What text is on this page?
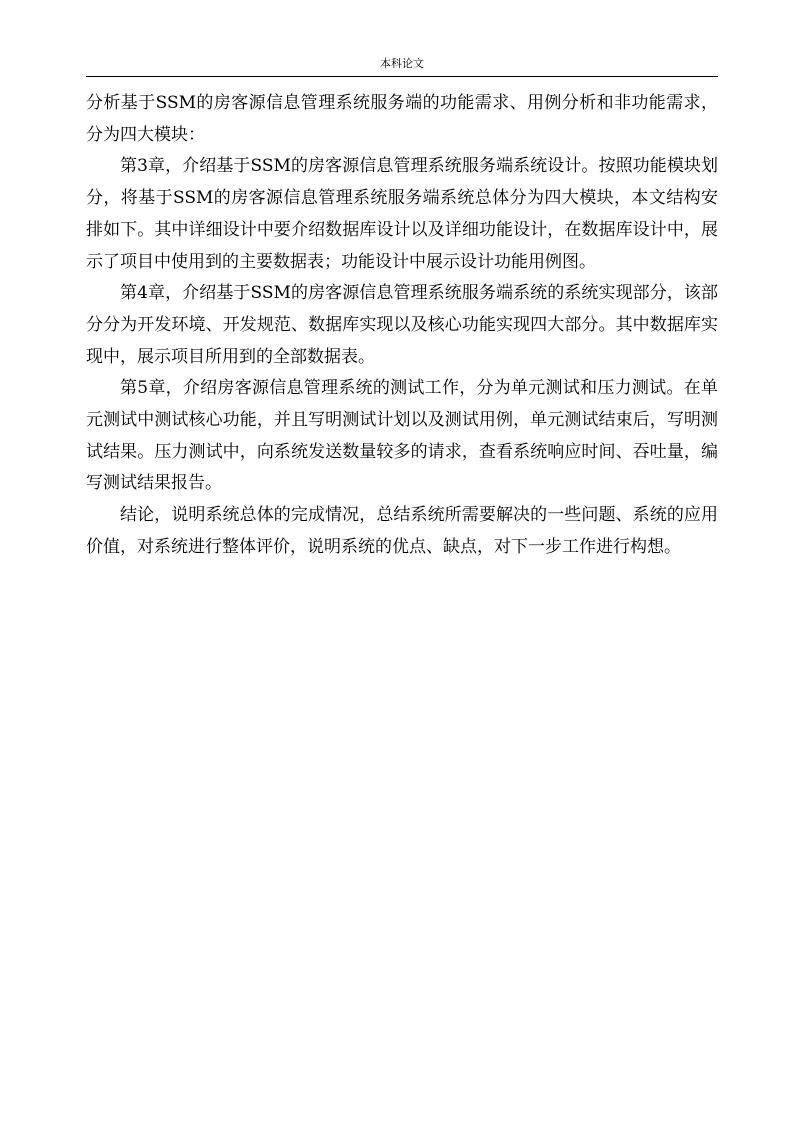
本科论文

分析基于SSM的房客源信息管理系统服务端的功能需求、用例分析和非功能需求，分为四大模块：

第3章，介绍基于SSM的房客源信息管理系统服务端系统设计。按照功能模块划分，将基于SSM的房客源信息管理系统服务端系统总体分为四大模块，本文结构安排如下。其中详细设计中要介绍数据库设计以及详细功能设计，在数据库设计中，展示了项目中使用到的主要数据表；功能设计中展示设计功能用例图。

第4章，介绍基于SSM的房客源信息管理系统服务端系统的系统实现部分，该部分分为开发环境、开发规范、数据库实现以及核心功能实现四大部分。其中数据库实现中，展示项目所用到的全部数据表。

第5章，介绍房客源信息管理系统的测试工作，分为单元测试和压力测试。在单元测试中测试核心功能，并且写明测试计划以及测试用例，单元测试结束后，写明测试结果。压力测试中，向系统发送数量较多的请求，查看系统响应时间、吞吐量，编写测试结果报告。

结论，说明系统总体的完成情况，总结系统所需要解决的一些问题、系统的应用价值，对系统进行整体评价，说明系统的优点、缺点，对下一步工作进行构想。
